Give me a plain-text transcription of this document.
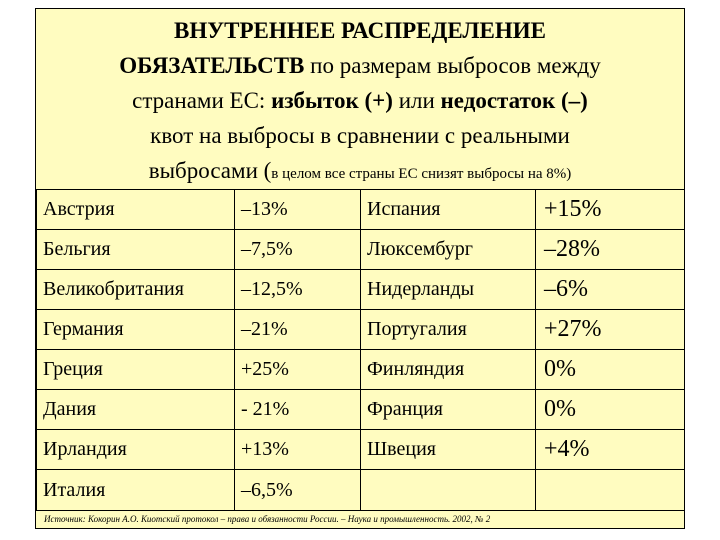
ВНУТРЕННЕЕ РАСПРЕДЕЛЕНИЕ
ОБЯЗАТЕЛЬСТВ по размерам выбросов между
странами ЕС: избыток (+) или недостаток (–)
квот на выбросы в сравнении с реальными
выбросами (в целом все страны ЕС снизят выбросы на 8%)
Австрия	–13%	Испания	+15%
Бельгия	–7,5%	Люксембург	–28%
Великобритания	–12,5%	Нидерланды	–6%
Германия	–21%	Португалия	+27%
Греция	+25%	Финляндия	0%
Дания	- 21%	Франция	0%
Ирландия	+13%	Швеция	+4%
Италия	–6,5%		
Источник: Кокорин А.О. Киотский протокол – права и обязанности России. – Наука и промышленность. 2002, № 2
